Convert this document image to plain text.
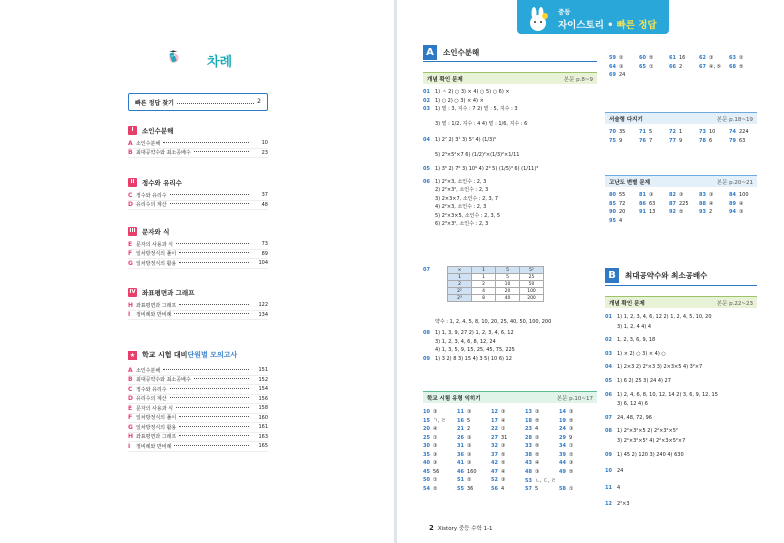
차례
빠른 정답 찾기	2
I	소인수분해
A 소인수분해	10
B 최대공약수와 최소공배수	23
II	정수와 유리수
C 정수와 유리수	37
D 유리수의 계산	48
III 문자와 식
E 문자의 사용과 식	73
F 일차방정식의 풀이	89
G 일차방정식의 활용	104
IV 좌표평면과 그래프
H 좌표평면과 그래프	122
I	정비례와 반비례	134
★ 학교 시험 대비 단원별 모의고사
A 소인수분해	151
B 최대공약수와 최소공배수	152
C 정수와 유리수	154
D 유리수의 계산	156
E 문자의 사용과 식	158
F 일차방정식의 풀이	160
G 일차방정식의 활용	161
H 좌표평면과 그래프	163
I	정비례와 반비례	165
중등
자이스토리 • 빠른 정답
A	소인수분해
개념 확인 문제	본문 p.8~9
01 1) ㅅ 2) ○ 3) × 4) ○ 5) ○ 6) ×
02 1) ○ 2) ○ 3) × 4) ×
03 1) 밑 : 3, 지수 : 7 2) 밑 : 5, 지수 : 3
3) 밑 : 1/2, 지수 : 4 4) 밑 : 1/6, 지수 : 6
04 1) 2⁷ 2) 3⁷ 3) 5⁷ 4) (1/3)⁵
5) 2³×5²×7 6) (1/2)²×(1/3)²×1/11
05 1) 3⁵ 2) 7⁶ 3) 10⁶ 4) 2⁶ 5) (1/5)³ 6) (1/11)³
06 1) 2²×3, 소인수 : 2, 3
2) 2²×3², 소인수 : 2, 3
3) 2×3×7, 소인수 : 2, 3, 7
4) 2²×3, 소인수 : 2, 3
5) 2²×3×5, 소인수 : 2, 3, 5
6) 2³×3², 소인수 : 2, 3
07	×	1	5	5²
1	1	5	25
2	2	10	50
2²	4	20	100
2³	8	40	200
약수 : 1, 2, 4, 5, 8, 10, 20, 25, 40, 50, 100, 200
08 1) 1, 3, 9, 27 2) 1, 2, 3, 4, 6, 12
3) 1, 2, 3, 4, 6, 8, 12, 24
4) 1, 3, 5, 9, 15, 25, 45, 75, 225
09 1) 3 2) 8 3) 15 4) 3 5) 10 6) 12
학교 시험 유형 익히기	본문 p.10~17
10 ③	11 ③	12 ③	13 ③	14 ③
15 ㄱ, ㄹ	16 5	17 ④	18 ⑤	19 ⑤
20 ④	21 2	22 ①	23 4	24 ③
25 ①	26 ③	27 31	28 ②	29 9
30 ③	31 ③	32 ③	33 ⑤	34 ①
35 ③	36 ③	37 ⑤	38 ⑤	39 ②
40 ③	41 ③	42 ⑤	43 ④	44 ③
45 56	46 160	47 ④	48 ③	49 ⑤
50 ①	51 ②	52 ③	53 ㄴ, ㄷ, ㄹ
54 ②	55 36	56 4	57 5	58 ①
59 ②	60 ⑤	61 16	62 ③	63 ②
64 ③	65 ①	66 2	67 ④, ⑤	68 ⑤
69 24
서술형 다지기	본문 p.18~19
70 35	71 5	72 1	73 10	74 224
75 9	76 7	77 9	78 6	79 63
고난도 변별 문제	본문 p.20~21
80 55	81 ③	82 ③	83 ③	84 100
85 72	86 63	87 225	88 ④	89 ④
90 20	91 13	92 ⑤	93 2	94 ③
95 4
B	최대공약수와 최소공배수
개념 확인 문제	본문 p.22~23
01 1) 1, 2, 3, 4, 6, 12 2) 1, 2, 4, 5, 10, 20
3) 1, 2, 4 4) 4
02 1, 2, 3, 6, 9, 18
03 1) × 2) ○ 3) × 4) ○
04 1) 2×3 2) 2²×3 3) 2×3×5 4) 3²×7
05 1) 6 2) 25 3) 24 4) 27
06 1) 2, 4, 6, 8, 10, 12, 14 2) 3, 6, 9, 12, 15
3) 6, 12 4) 6
07 24, 48, 72, 96
08 1) 2²×3²×5 2) 2²×3²×5²
3) 2²×3²×5² 4) 2²×3×5²×7
09 1) 45 2) 120 3) 240 4) 630
10 24
11 4
12 2²×3
2 Xistory 중등 수학 1-1
